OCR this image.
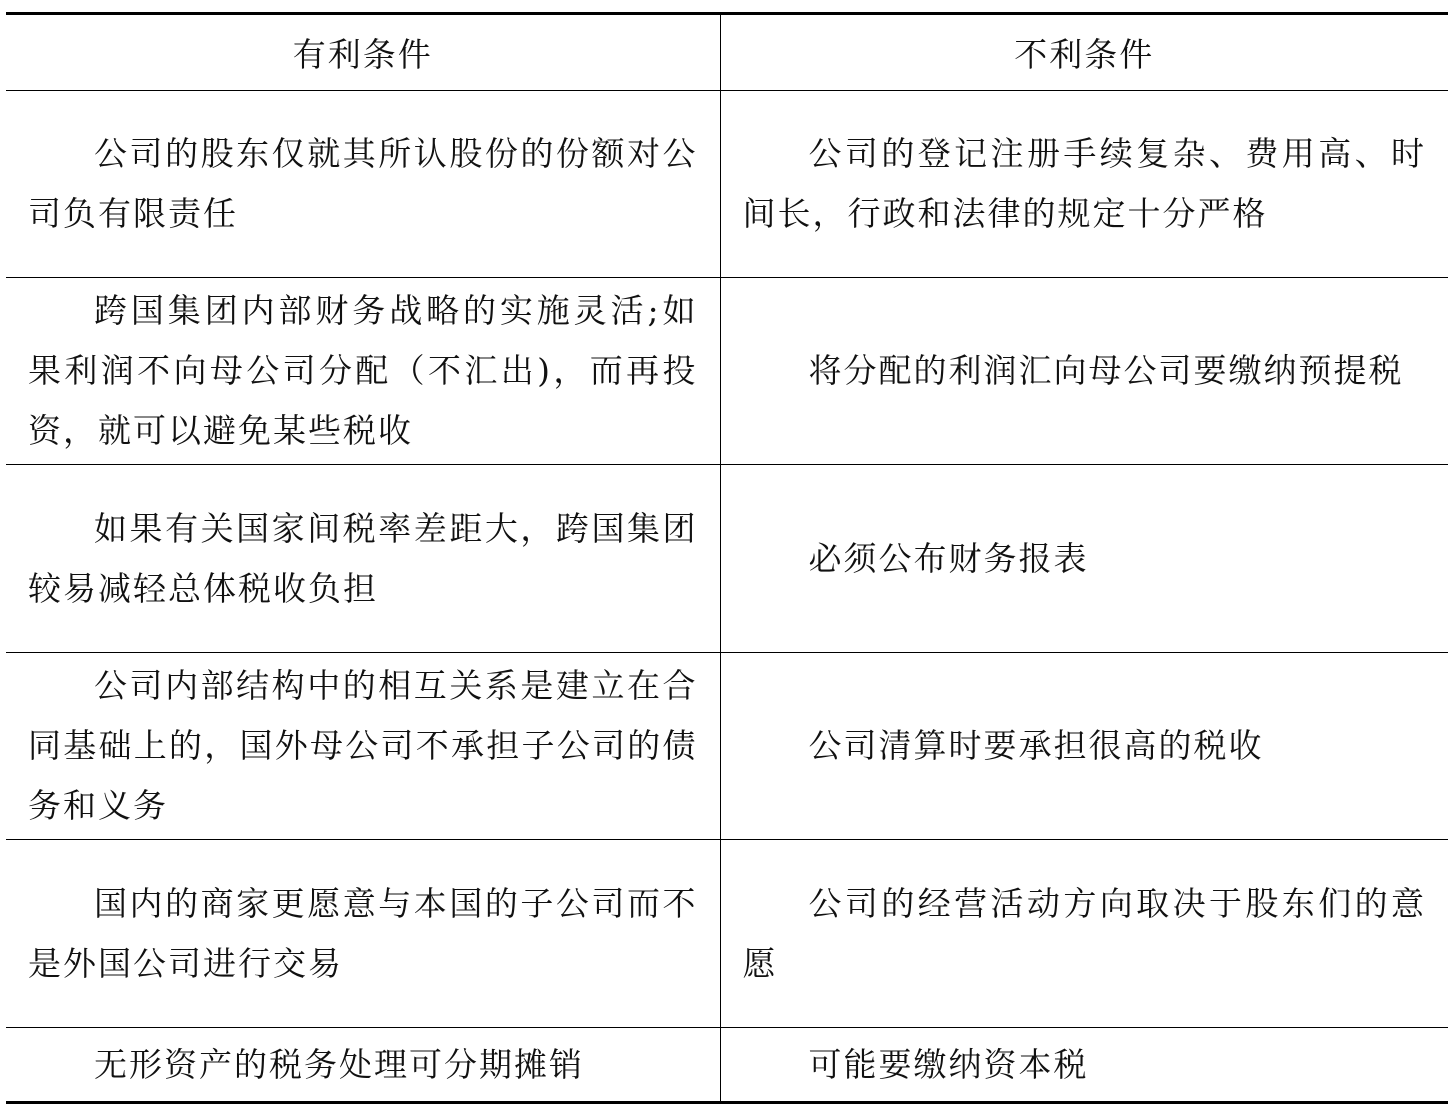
有利条件	不利条件
公司的股东仅就其所认股份的份额对公司负有限责任	公司的登记注册手续复杂、费用高、时间长，行政和法律的规定十分严格
跨国集团内部财务战略的实施灵活;如果利润不向母公司分配（不汇出)，而再投资，就可以避免某些税收	将分配的利润汇向母公司要缴纳预提税
如果有关国家间税率差距大，跨国集团较易减轻总体税收负担	必须公布财务报表
公司内部结构中的相互关系是建立在合同基础上的，国外母公司不承担子公司的债务和义务	公司清算时要承担很高的税收
国内的商家更愿意与本国的子公司而不是外国公司进行交易	公司的经营活动方向取决于股东们的意愿
无形资产的税务处理可分期摊销	可能要缴纳资本税
